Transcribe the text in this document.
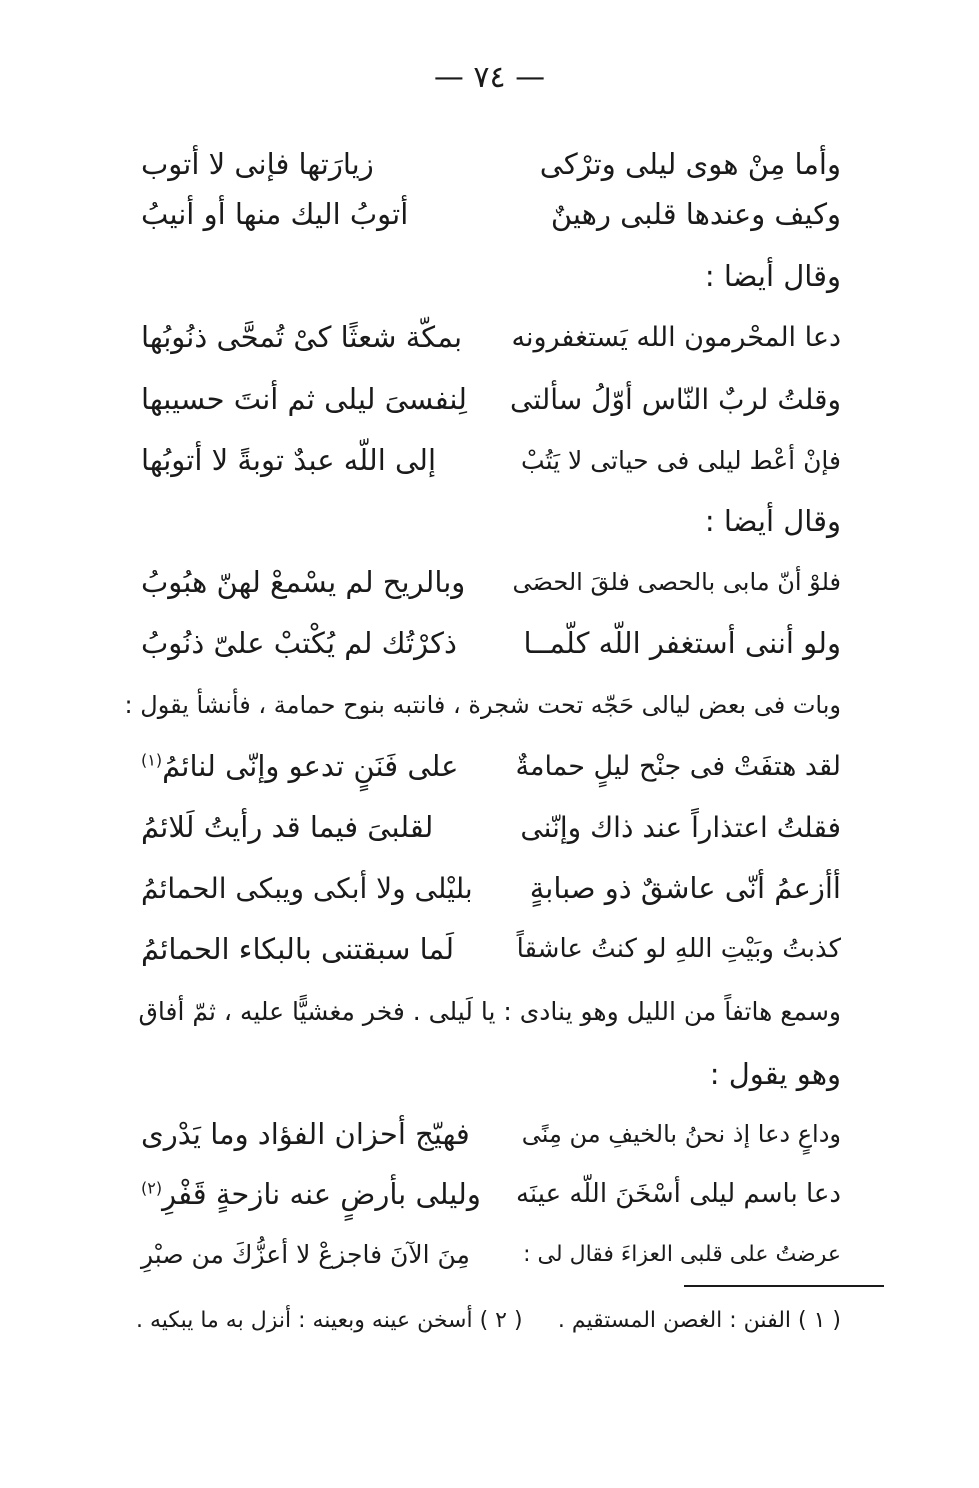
— ٧٤ —
وأما مِنْ هوى ليلى وترْكى
زيارَتها فإنى لا أتوب
وكيف وعندها قلبى رهينٌ
أتوبُ اليك منها أو أنيبُ
وقال أيضا :
دعا المحْرمون الله يَستغفرونه
بمكّة شعثًا كىْ تُمحَّى ذنُوبُها
وقلتُ لربٌ النّاس أوّلُ سألتى
لِنفسىَ ليلى ثم أنتَ حسيبها
فإنْ أعْط ليلى فى حياتى لا يَتُبْ
إلى اللّه عبدٌ توبةً لا أتوبُها
وقال أيضا :
فلوْ أنّ مابى بالحصى فلقَ الحصَى
وبالريح لم يسْمعْ لهنّ هبُوبُ
ولو أننى أستغفر اللّه كلّمــا
ذكرْتُك لم يُكْتبْ علىّ ذنُوبُ
وبات فى بعض ليالى حَجّه تحت شجرة ، فانتبه بنوح حمامة ، فأنشأ يقول :
لقد هتفَتْ فى جنْح ليلٍ حمامةٌ
على فَنَنٍ تدعو وإنّى لنائمُ$^{(١)}$
فقلتُ اعتذاراً عند ذاك وإنّنى
لقلبىَ فيما قد رأيتُ لَلائمُ
أأزعمُ أنّى عاشقٌ ذو صبابةٍ
بليْلى ولا أبكى ويبكى الحمائمُ
كذبتُ وبَيْتِ اللهِ لو كنتُ عاشقاً
لَما سبقتنى بالبكاء الحمائمُ
وسمع هاتفاً من الليل وهو ينادى : يا لَيلى . فخر مغشيًّا عليه ، ثمّ أفاق
وهو يقول :
وداعٍ دعا إذ نحنُ بالخيفِ من مِنًى
فهيّج أحزان الفؤاد وما يَدْرى
دعا باسم ليلى أسْخَنَ اللّه عينَه
وليلى بأرضٍ عنه نازحةٍ قَفْرِ$^{(٢)}$
عرضتُ على قلبى العزاءَ فقال لى :
مِنَ الآنَ فاجزعْ لا أعزُّكَ من صبْرِ
( ١ ) الفنن : الغصن المستقيم .
( ٢ ) أسخن عينه وبعينه : أنزل به ما يبكيه .
